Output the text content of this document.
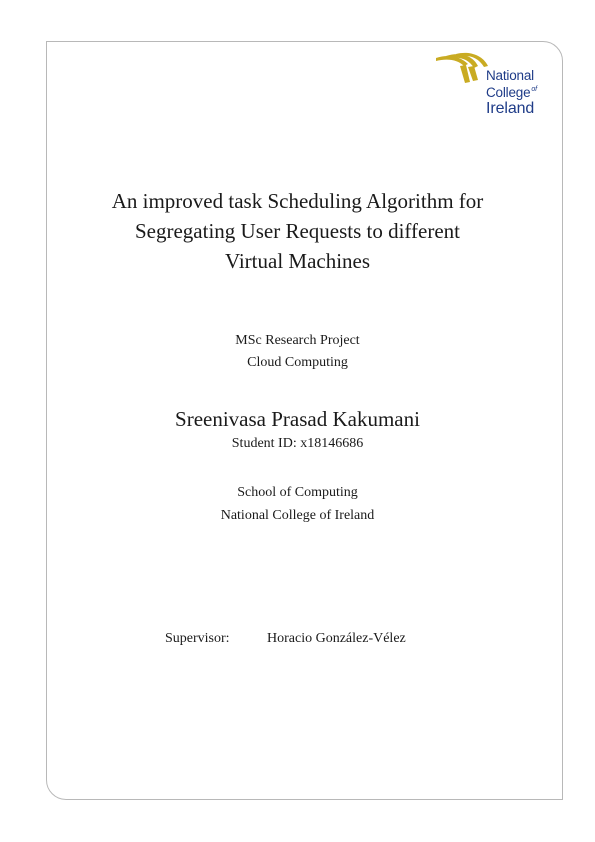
National
College$^{of}$
Ireland
An improved task Scheduling Algorithm for
Segregating User Requests to different
Virtual Machines
MSc Research Project
Cloud Computing
Sreenivasa Prasad Kakumani
Student ID: x18146686
School of Computing
National College of Ireland
Supervisor:	Horacio González-Vélez
